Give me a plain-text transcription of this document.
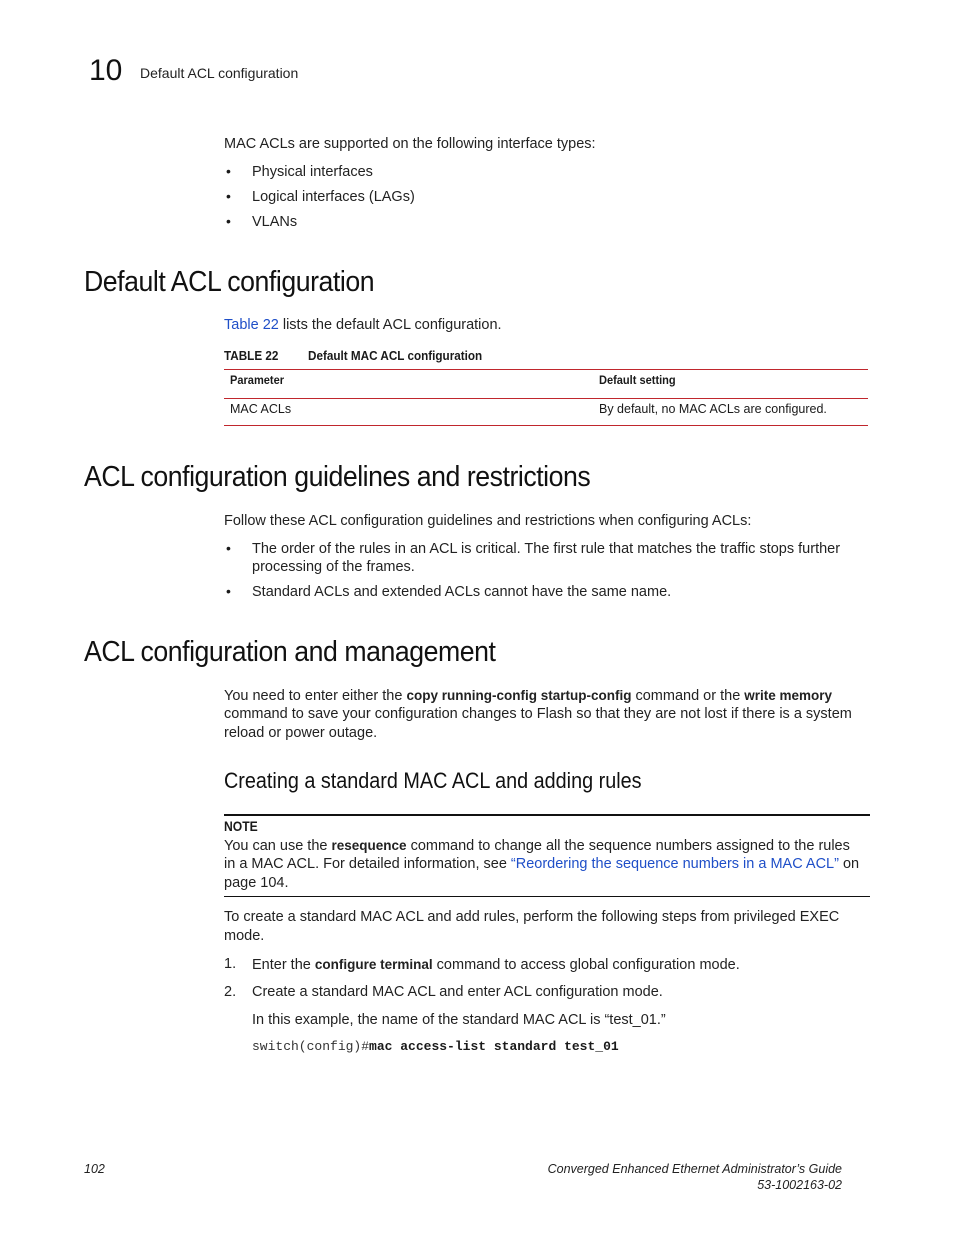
10 Default ACL configuration
MAC ACLs are supported on the following interface types:
• Physical interfaces
• Logical interfaces (LAGs)
• VLANs
Default ACL configuration
Table 22 lists the default ACL configuration.
TABLE 22 Default MAC ACL configuration
Parameter	Default setting
MAC ACLs	By default, no MAC ACLs are configured.
ACL configuration guidelines and restrictions
Follow these ACL configuration guidelines and restrictions when configuring ACLs:
• The order of the rules in an ACL is critical. The first rule that matches the traffic stops further
processing of the frames.
• Standard ACLs and extended ACLs cannot have the same name.
ACL configuration and management
You need to enter either the copy running-config startup-config command or the write memory
command to save your configuration changes to Flash so that they are not lost if there is a system
reload or power outage.
Creating a standard MAC ACL and adding rules
NOTE
You can use the resequence command to change all the sequence numbers assigned to the rules
in a MAC ACL. For detailed information, see “Reordering the sequence numbers in a MAC ACL” on
page 104.
To create a standard MAC ACL and add rules, perform the following steps from privileged EXEC
mode.
1. Enter the configure terminal command to access global configuration mode.
2. Create a standard MAC ACL and enter ACL configuration mode.
In this example, the name of the standard MAC ACL is “test_01.”
switch(config)#mac access-list standard test_01
102	Converged Enhanced Ethernet Administrator’s Guide
53-1002163-02
